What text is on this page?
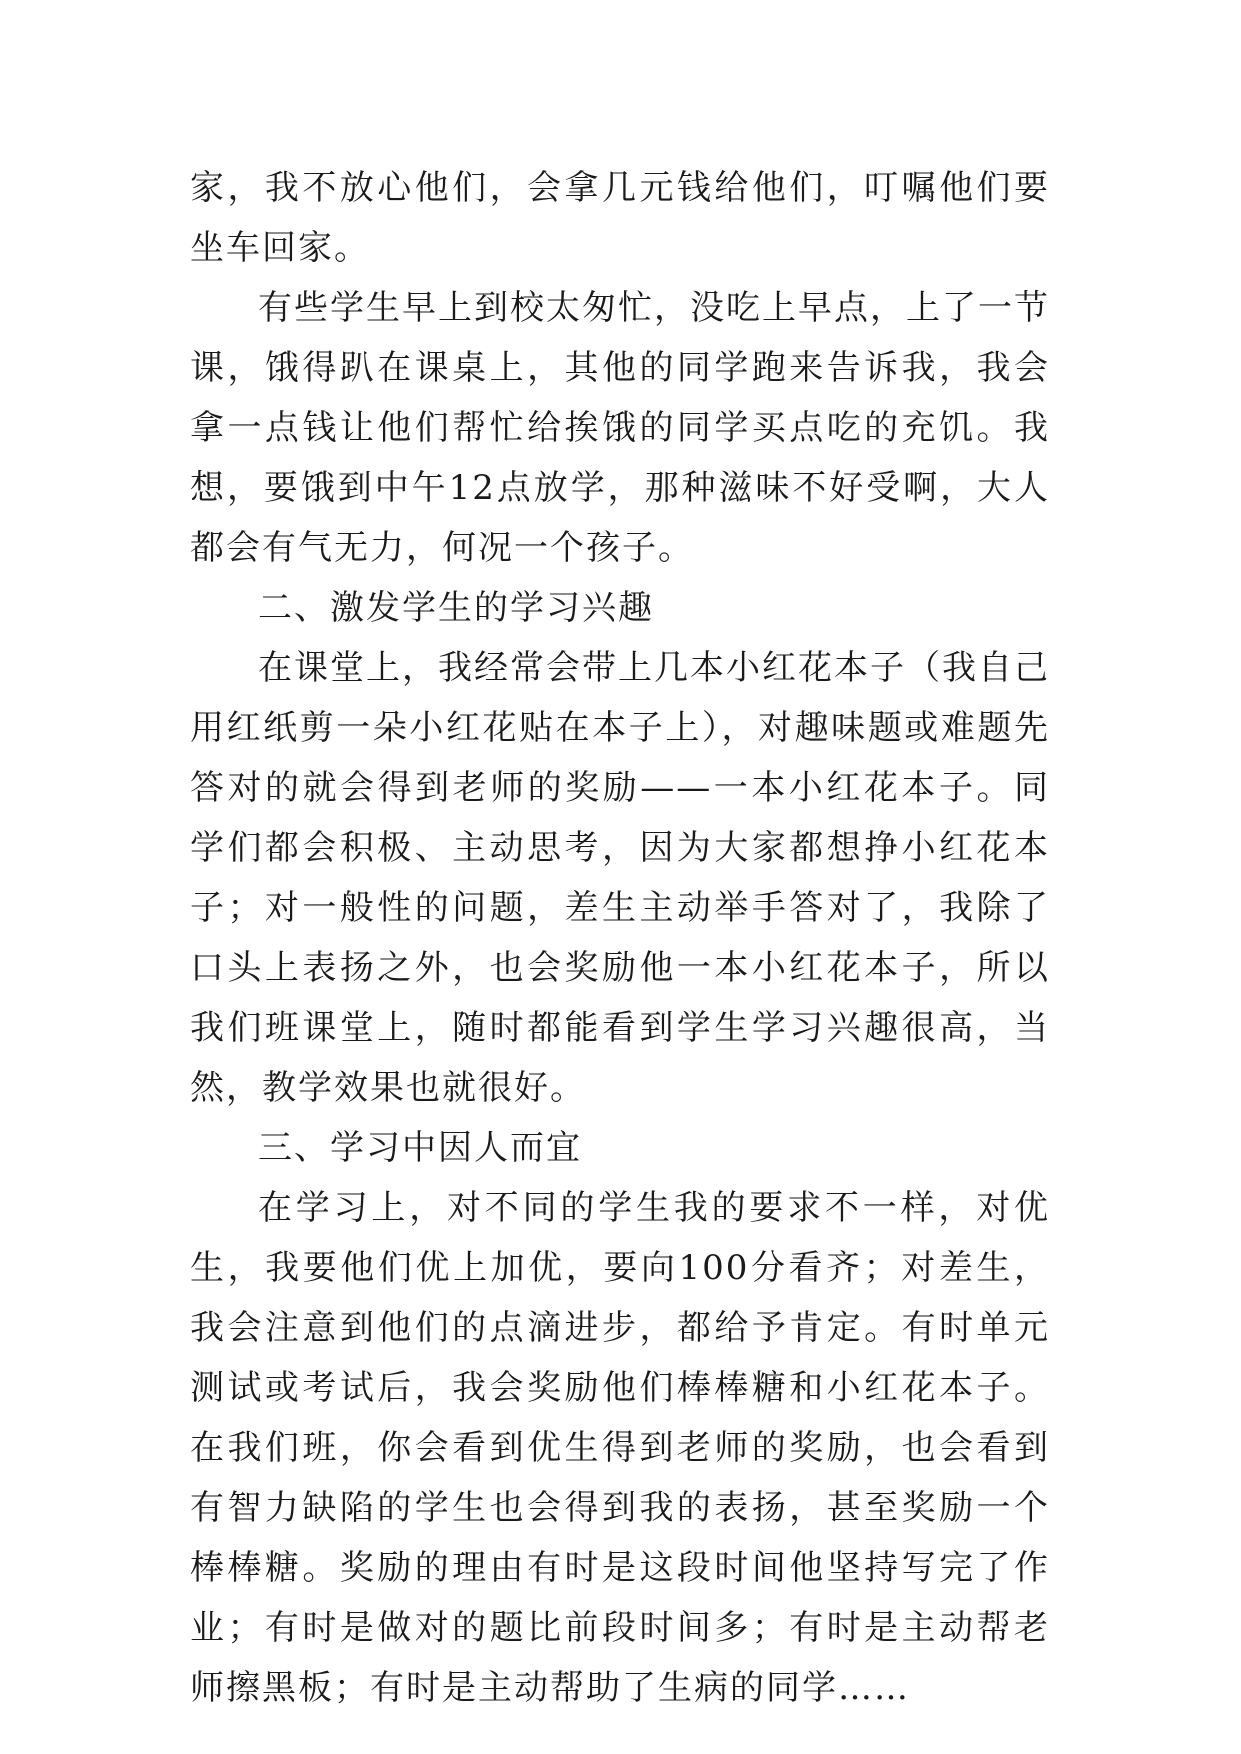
家，我不放心他们，会拿几元钱给他们，叮嘱他们要坐车回家。

有些学生早上到校太匆忙，没吃上早点，上了一节课，饿得趴在课桌上，其他的同学跑来告诉我，我会拿一点钱让他们帮忙给挨饿的同学买点吃的充饥。我想，要饿到中午12点放学，那种滋味不好受啊，大人都会有气无力，何况一个孩子。

二、激发学生的学习兴趣

在课堂上，我经常会带上几本小红花本子（我自己用红纸剪一朵小红花贴在本子上），对趣味题或难题先答对的就会得到老师的奖励——一本小红花本子。同学们都会积极、主动思考，因为大家都想挣小红花本子；对一般性的问题，差生主动举手答对了，我除了口头上表扬之外，也会奖励他一本小红花本子，所以我们班课堂上，随时都能看到学生学习兴趣很高，当然，教学效果也就很好。

三、学习中因人而宜

在学习上，对不同的学生我的要求不一样，对优生，我要他们优上加优，要向100分看齐；对差生，我会注意到他们的点滴进步，都给予肯定。有时单元测试或考试后，我会奖励他们棒棒糖和小红花本子。在我们班，你会看到优生得到老师的奖励，也会看到有智力缺陷的学生也会得到我的表扬，甚至奖励一个棒棒糖。奖励的理由有时是这段时间他坚持写完了作业；有时是做对的题比前段时间多；有时是主动帮老师擦黑板；有时是主动帮助了生病的同学……
